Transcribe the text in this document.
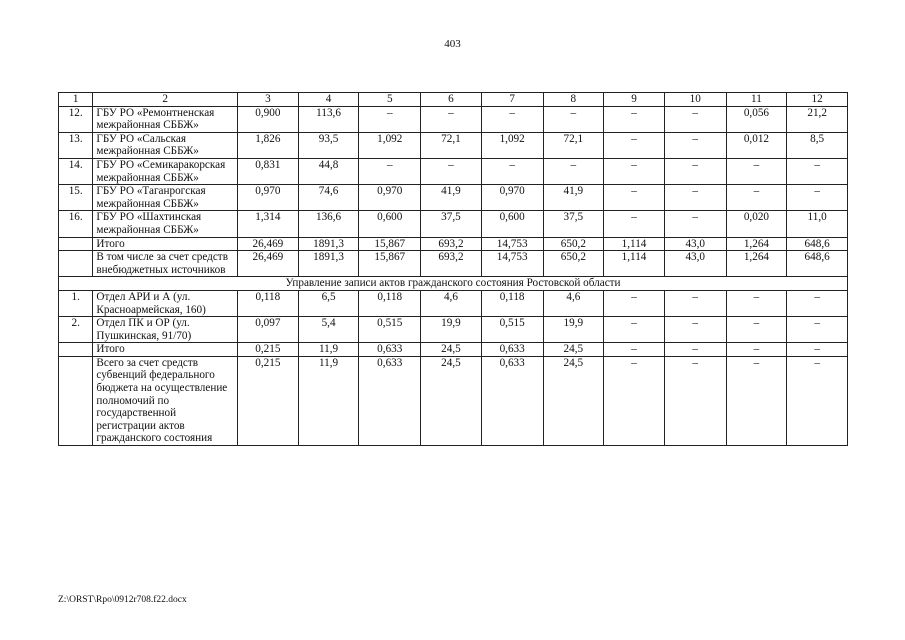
403
1	2	3	4	5	6	7	8	9	10	11	12
12.	ГБУ РО «Ремонтненская межрайонная СББЖ»	0,900	113,6	–	–	–	–	–	–	0,056	21,2
13.	ГБУ РО «Сальская межрайонная СББЖ»	1,826	93,5	1,092	72,1	1,092	72,1	–	–	0,012	8,5
14.	ГБУ РО «Семикаракорская межрайонная СББЖ»	0,831	44,8	–	–	–	–	–	–	–	–
15.	ГБУ РО «Таганрогская межрайонная СББЖ»	0,970	74,6	0,970	41,9	0,970	41,9	–	–	–	–
16.	ГБУ РО «Шахтинская межрайонная СББЖ»	1,314	136,6	0,600	37,5	0,600	37,5	–	–	0,020	11,0
	Итого	26,469	1891,3	15,867	693,2	14,753	650,2	1,114	43,0	1,264	648,6
	В том числе за счет средств внебюджетных источников	26,469	1891,3	15,867	693,2	14,753	650,2	1,114	43,0	1,264	648,6
Управление записи актов гражданского состояния Ростовской области											
1.	Отдел АРИ и А (ул. Красноармейская, 160)	0,118	6,5	0,118	4,6	0,118	4,6	–	–	–	–
2.	Отдел ПК и ОР (ул. Пушкинская, 91/70)	0,097	5,4	0,515	19,9	0,515	19,9	–	–	–	–
	Итого	0,215	11,9	0,633	24,5	0,633	24,5	–	–	–	–
	Всего за счет средств субвенций федерального бюджета на осуществление полномочий по государственной регистрации актов гражданского состояния	0,215	11,9	0,633	24,5	0,633	24,5	–	–	–	–
Z:\ORST\Rpo\0912r708.f22.docx
